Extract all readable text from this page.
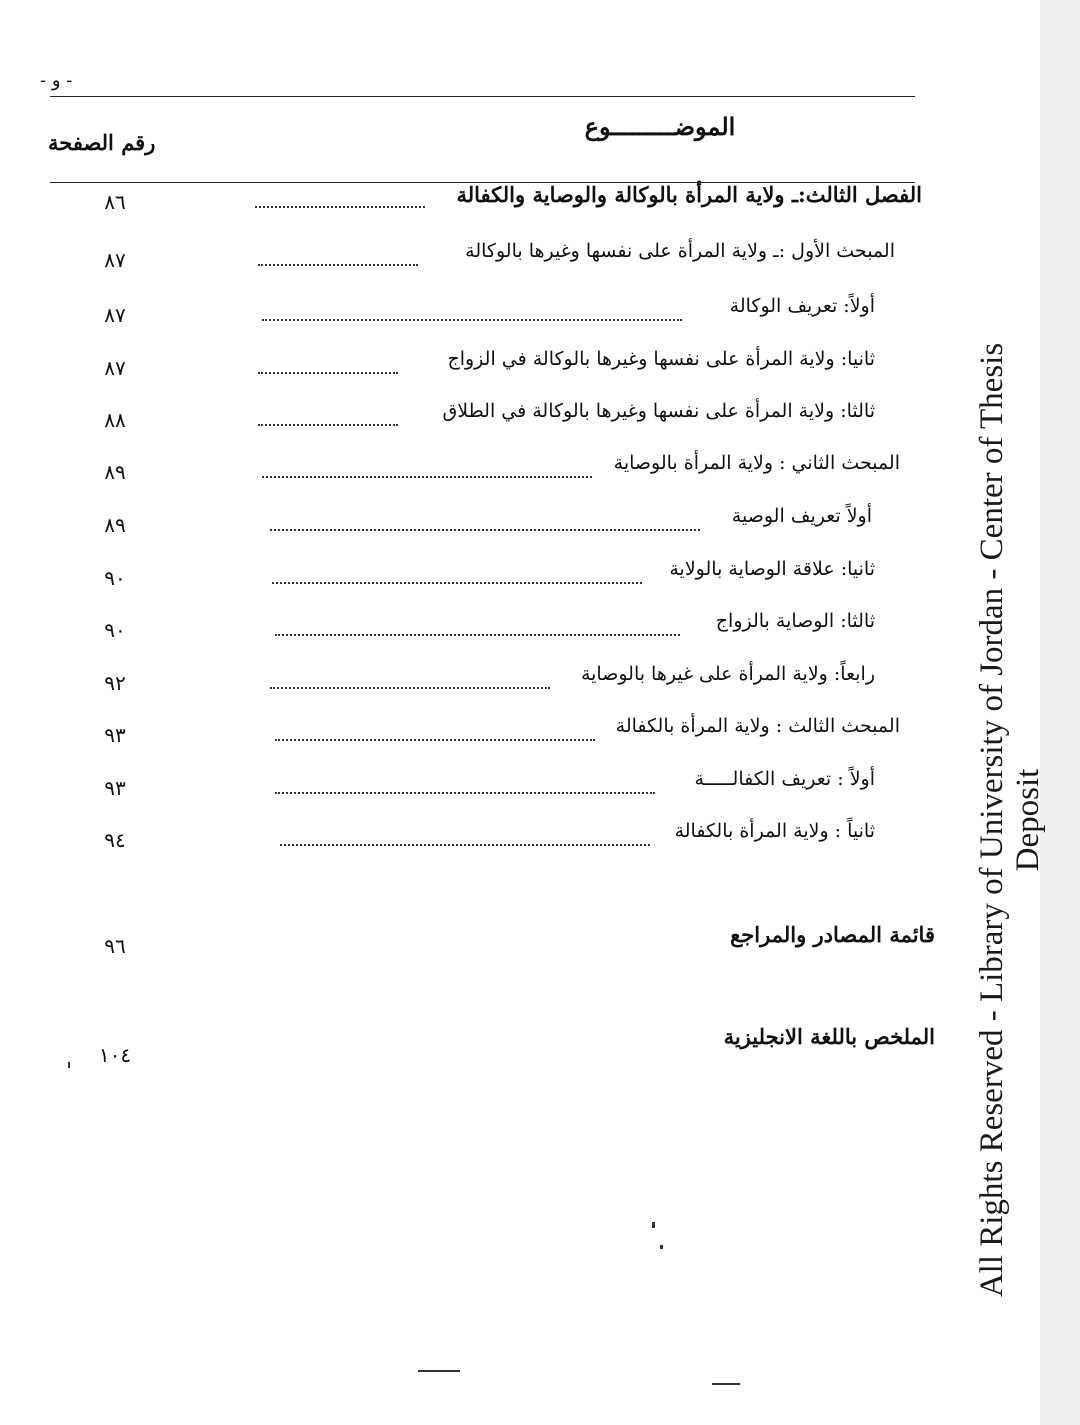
- و -
الموضـــــــــوع
رقم الصفحة
الفصل الثالث:ـ ولاية المرأة بالوكالة والوصاية والكفالة
٨٦
المبحث الأول :ـ ولاية المرأة على نفسها وغيرها بالوكالة
٨٧
أولاً: تعريف الوكالة
٨٧
ثانيا: ولاية المرأة على نفسها وغيرها بالوكالة في الزواج
٨٧
ثالثا: ولاية المرأة على نفسها وغيرها بالوكالة في الطلاق
٨٨
المبحث الثاني : ولاية المرأة بالوصاية
٨٩
أولاً تعريف الوصية
٨٩
ثانيا: علاقة الوصاية بالولاية
٩٠
ثالثا: الوصاية بالزواج
٩٠
رابعاً: ولاية المرأة على غيرها بالوصاية
٩٢
المبحث الثالث : ولاية المرأة بالكفالة
٩٣
أولاً : تعريف الكفالـــــة
٩٣
ثانياً : ولاية المرأة بالكفالة
٩٤
قائمة المصادر والمراجع
٩٦
الملخص باللغة الانجليزية
١٠٤	All Rights Reserved - Library of University of Jordan - Center of Thesis Deposit
